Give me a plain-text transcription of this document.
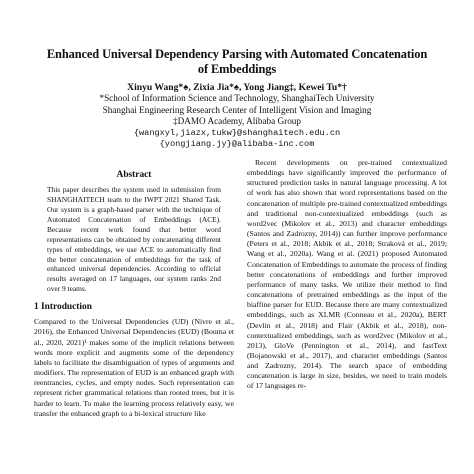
Enhanced Universal Dependency Parsing with Automated Concatenation
of Embeddings
Xinyu Wang*♠, Zixia Jia*♠, Yong Jiang‡, Kewei Tu*†
*School of Information Science and Technology, ShanghaiTech University
Shanghai Engineering Research Center of Intelligent Vision and Imaging
‡DAMO Academy, Alibaba Group
{wangxyl,jiazx,tukw}@shanghaitech.edu.cn
{yongjiang.jy}@alibaba-inc.com
Abstract

This paper describes the system used in submission from SHANGHAITECH team to the IWPT 2021 Shared Task. Our system is a graph-based parser with the technique of Automated Concatenation of Embeddings (ACE). Because recent work found that better word representations can be obtained by concatenating different types of embeddings, we use ACE to automatically find the better concatenation of embeddings for the task of enhanced universal dependencies. According to official results averaged on 17 languages, our system ranks 2nd over 9 teams.

1 Introduction

Compared to the Universal Dependencies (UD) (Nivre et al., 2016), the Enhanced Universal Dependencies (EUD) (Bouma et al., 2020, 2021)¹ makes some of the implicit relations between words more explicit and augments some of the dependency labels to facilitate the disambiguation of types of arguments and modifiers. The representation of EUD is an enhanced graph with reentrancies, cycles, and empty nodes. Such representation can represent richer grammatical relations than rooted trees, but it is harder to learn. To make the learning process relatively easy, we transfer the enhanced graph to a bi-lexical structure like

Recent developments on pre-trained contextualized embeddings have significantly improved the performance of structured prediction tasks in natural language processing. A lot of work has also shown that word representations based on the concatenation of multiple pre-trained contextualized embeddings and traditional non-contextualized embeddings (such as word2vec (Mikolov et al., 2013) and character embeddings (Santos and Zadrozny, 2014)) can further improve performance (Peters et al., 2018; Akbik et al., 2018; Straková et al., 2019; Wang et al., 2020a). Wang et al. (2021) proposed Automated Concatenation of Embeddings to automate the process of finding better concatenations of embeddings and further improved performance of many tasks. We utilize their method to find concatenations of pretrained embeddings as the input of the biaffine parser for EUD. Because there are many contextualized embeddings, such as XLMR (Conneau et al., 2020a), BERT (Devlin et al., 2018) and Flair (Akbik et al., 2018), non-contextualized embeddings, such as word2vec (Mikolov et al., 2013), GloVe (Pennington et al., 2014), and fastText (Bojanowski et al., 2017), and character embeddings (Santos and Zadrozny, 2014). The search space of embedding concatenation is large in size, besides, we need to train models of 17 languages re-
